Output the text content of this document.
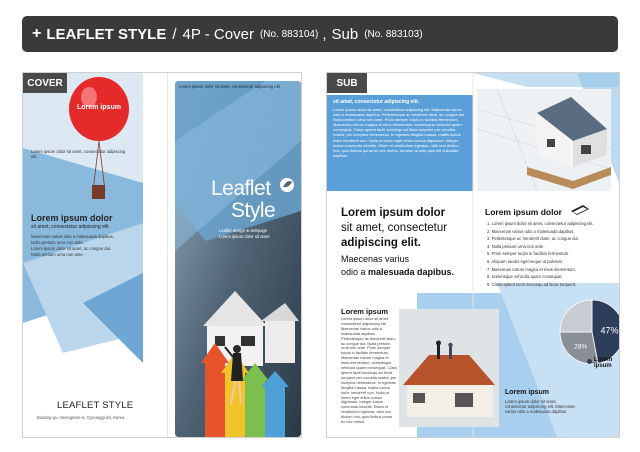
+ LEAFLET STYLE / 4P - Cover (No. 883104) , Sub (No. 883103)
COVER
Lorem ipsum
Lorem ipsum dolor sit amet, consectetur adipiscing elit.
Lorem ipsum dolor
sit amet, consectetur adipiscing elit.
Maecenas varius odio a malesuada dapibus.
Nulla pretium urna non ante.
Lorem ipsum dolor sit amet, ac congue dui.
Nulla pretium urna non ante.
LEAFLET STYLE
Budang-gu, Seongnam-si, Gyeonggi-do, Korea
Lorem ipsum dolor sit amet, consectetur adipiscing elit.
Leaflet
Style
Leaflet design & webpage
Lorem ipsum dolor sit amet
SUB
sit amet, consectetur adipiscing elit.
Lorem ipsum dolor sit amet, consectetur adipiscing elit. Maecenas varius odio a malesuada dapibus. Pellentesque ac hendrerit diam, ac congue dui. Nulla pretium urna non ante. Proin semper turpis in facilisis fermentum. Maecenas rutrum magna et risus elementum, scelerisque vehicula quam consequat. Class aptent taciti sociosqu ad litora torquent per conubia nostra, per inceptos himenaeos. In egestas fringilla massa, mattis luctus dolor hendrerit non. Nulla ut lorem eget tellus cursus dignissim. Integer luctus commodo lobortis. Etiam et vestibulum egestas, nibh orci dictum orci, quis finibus purus ex nec metus. Aenean at odio quis elit vulputate dapibus.
Lorem ipsum dolor
sit amet, consectetur
adipiscing elit.
Maecenas varius
odio a malesuada dapibus.
Lorem ipsum
Lorem ipsum dolor sit amet, consectetur adipiscing elit. Maecenas varius odio a malesuada dapibus. Pellentesque ac hendrerit diam, ac congue dui. Nulla pretium urna non ante. Proin semper turpis in facilisis fermentum. Maecenas rutrum magna et risus elementum, scelerisque vehicula quam consequat. Class aptent taciti sociosqu ad litora torquent per conubia nostra, per inceptos himenaeos. In egestas fringilla massa, mattis luctus dolor hendrerit non. Nulla ut lorem eget tellus cursus dignissim. Integer luctus commodo lobortis. Etiam et vestibulum egestas, nibh orci dictum orci, quis finibus purus ex nec metus.
Lorem ipsum dolor
1. Lorem ipsum dolor sit amet, consectetur adipiscing elit.
2. Maecenas varius odio a malesuada dapibus.
3. Pellentesque ac hendrerit diam, ac congue dui.
4. Nulla pretium urna non ante.
5. Proin semper turpis in facilisis fermentum.
6. Aliquam iaculis eget neque ut pulvinar.
7. Maecenas rutrum magna et risus elementum,
8. scelerisque vehicula quam consequat.
9. Class aptent taciti sociosqu ad litora torquent.
47%
28%
Lorem ipsum
Lorem ipsum
Lorem ipsum dolor sit amet, consectetur adipiscing elit. Maecenas varius odio a malesuada dapibus.
